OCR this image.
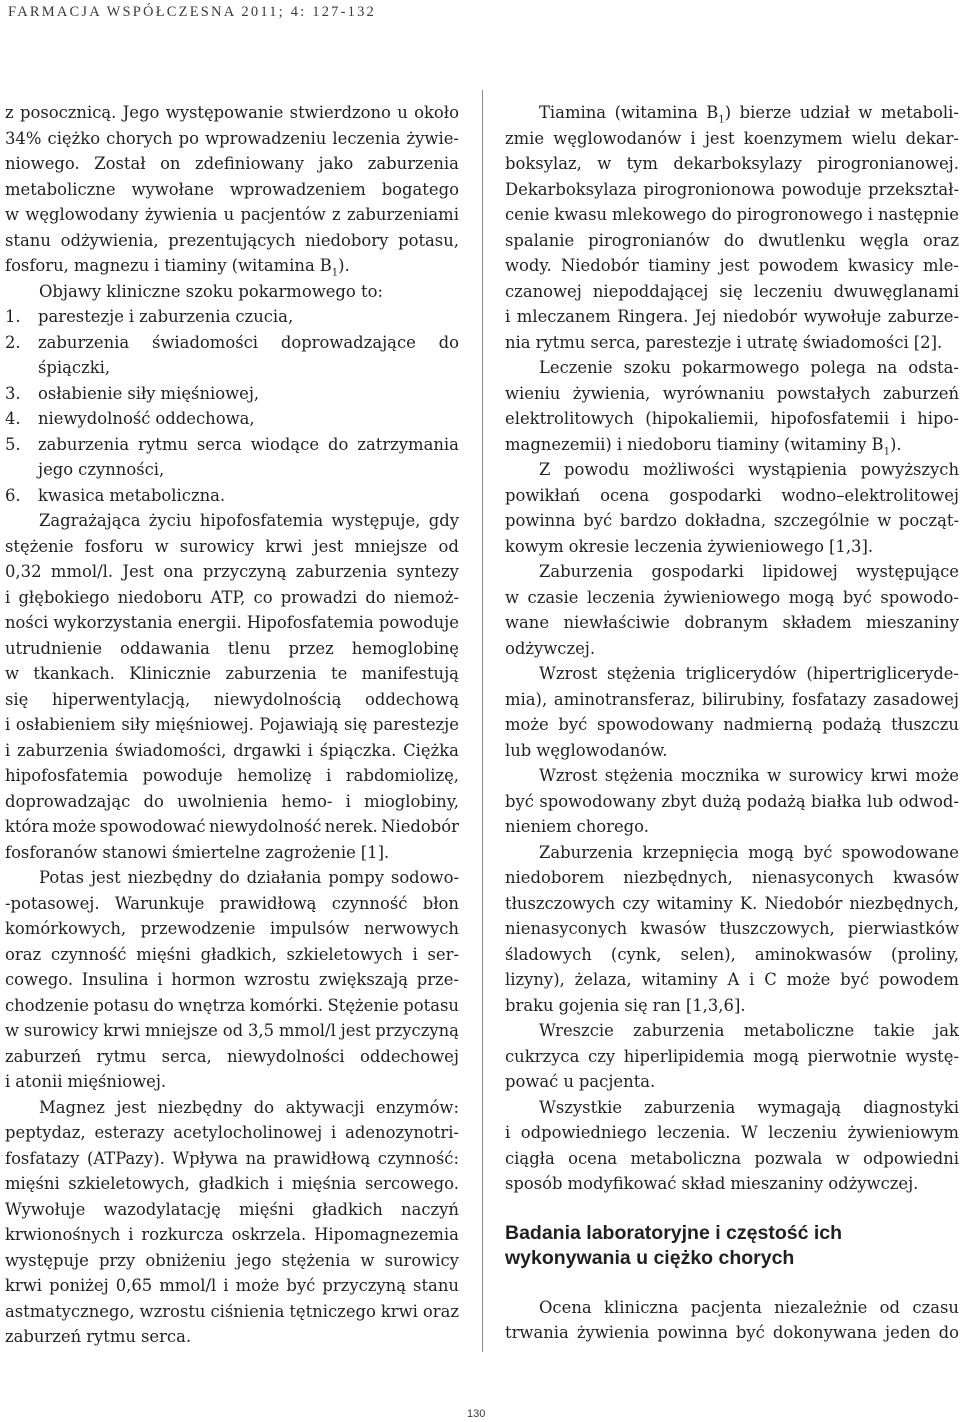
FARMACJA WSPÓŁCZESNA 2011; 4: 127-132
z posocznicą. Jego występowanie stwierdzono u około
34% ciężko chorych po wprowadzeniu leczenia żywie-
niowego. Został on zdefiniowany jako zaburzenia
metaboliczne wywołane wprowadzeniem bogatego
w węglowodany żywienia u pacjentów z zaburzeniami
stanu odżywienia, prezentujących niedobory potasu,
fosforu, magnezu i tiaminy (witamina $B_1$).
Objawy kliniczne szoku pokarmowego to:
1. parestezje i zaburzenia czucia,
2. zaburzenia świadomości doprowadzające do
śpiączki,
3. osłabienie siły mięśniowej,
4. niewydolność oddechowa,
5. zaburzenia rytmu serca wiodące do zatrzymania
jego czynności,
6. kwasica metaboliczna.
Zagrażająca życiu hipofosfatemia występuje, gdy
stężenie fosforu w surowicy krwi jest mniejsze od
0,32 mmol/l. Jest ona przyczyną zaburzenia syntezy
i głębokiego niedoboru ATP, co prowadzi do niemoż-
ności wykorzystania energii. Hipofosfatemia powoduje
utrudnienie oddawania tlenu przez hemoglobinę
w tkankach. Klinicznie zaburzenia te manifestują
się hiperwentylacją, niewydolnością oddechową
i osłabieniem siły mięśniowej. Pojawiają się parestezje
i zaburzenia świadomości, drgawki i śpiączka. Ciężka
hipofosfatemia powoduje hemolizę i rabdomiolizę,
doprowadzając do uwolnienia hemo- i mioglobiny,
która może spowodować niewydolność nerek. Niedobór
fosforanów stanowi śmiertelne zagrożenie [1].
Potas jest niezbędny do działania pompy sodowo-
-potasowej. Warunkuje prawidłową czynność błon
komórkowych, przewodzenie impulsów nerwowych
oraz czynność mięśni gładkich, szkieletowych i ser-
cowego. Insulina i hormon wzrostu zwiększają prze-
chodzenie potasu do wnętrza komórki. Stężenie potasu
w surowicy krwi mniejsze od 3,5 mmol/l jest przyczyną
zaburzeń rytmu serca, niewydolności oddechowej
i atonii mięśniowej.
Magnez jest niezbędny do aktywacji enzymów:
peptydaz, esterazy acetylocholinowej i adenozynotri-
fosfatazy (ATPazy). Wpływa na prawidłową czynność:
mięśni szkieletowych, gładkich i mięśnia sercowego.
Wywołuje wazodylatację mięśni gładkich naczyń
krwionośnych i rozkurcza oskrzela. Hipomagnezemia
występuje przy obniżeniu jego stężenia w surowicy
krwi poniżej 0,65 mmol/l i może być przyczyną stanu
astmatycznego, wzrostu ciśnienia tętniczego krwi oraz
zaburzeń rytmu serca.
Tiamina (witamina $B_1$) bierze udział w metaboli-
zmie węglowodanów i jest koenzymem wielu dekar-
boksylaz, w tym dekarboksylazy pirogronianowej.
Dekarboksylaza pirogronionowa powoduje przekształ-
cenie kwasu mlekowego do pirogronowego i następnie
spalanie pirogronianów do dwutlenku węgla oraz
wody. Niedobór tiaminy jest powodem kwasicy mle-
czanowej niepoddającej się leczeniu dwuwęglanami
i mleczanem Ringera. Jej niedobór wywołuje zaburze-
nia rytmu serca, parestezje i utratę świadomości [2].
Leczenie szoku pokarmowego polega na odsta-
wieniu żywienia, wyrównaniu powstałych zaburzeń
elektrolitowych (hipokaliemii, hipofosfatemii i hipo-
magnezemii) i niedoboru tiaminy (witaminy $B_1$).
Z powodu możliwości wystąpienia powyższych
powikłań ocena gospodarki wodno–elektrolitowej
powinna być bardzo dokładna, szczególnie w począt-
kowym okresie leczenia żywieniowego [1,3].
Zaburzenia gospodarki lipidowej występujące
w czasie leczenia żywieniowego mogą być spowodo-
wane niewłaściwie dobranym składem mieszaniny
odżywczej.
Wzrost stężenia triglicerydów (hipertriglicerydе-
mia), aminotransferaz, bilirubiny, fosfatazy zasadowej
może być spowodowany nadmierną podażą tłuszczu
lub węglowodanów.
Wzrost stężenia mocznika w surowicy krwi może
być spowodowany zbyt dużą podażą białka lub odwod-
nieniem chorego.
Zaburzenia krzepnięcia mogą być spowodowane
niedoborem niezbędnych, nienasyconych kwasów
tłuszczowych czy witaminy K. Niedobór niezbędnych,
nienasyconych kwasów tłuszczowych, pierwiastków
śladowych (cynk, selen), aminokwasów (proliny,
lizyny), żelaza, witaminy A i C może być powodem
braku gojenia się ran [1,3,6].
Wreszcie zaburzenia metaboliczne takie jak
cukrzyca czy hiperlipidemia mogą pierwotnie wystę-
pować u pacjenta.
Wszystkie zaburzenia wymagają diagnostyki
i odpowiedniego leczenia. W leczeniu żywieniowym
ciągła ocena metaboliczna pozwala w odpowiedni
sposób modyfikować skład mieszaniny odżywczej.
Badania laboratoryjne i częstość ich wykonywania u ciężko chorych
Ocena kliniczna pacjenta niezależnie od czasu
trwania żywienia powinna być dokonywana jeden do
130
